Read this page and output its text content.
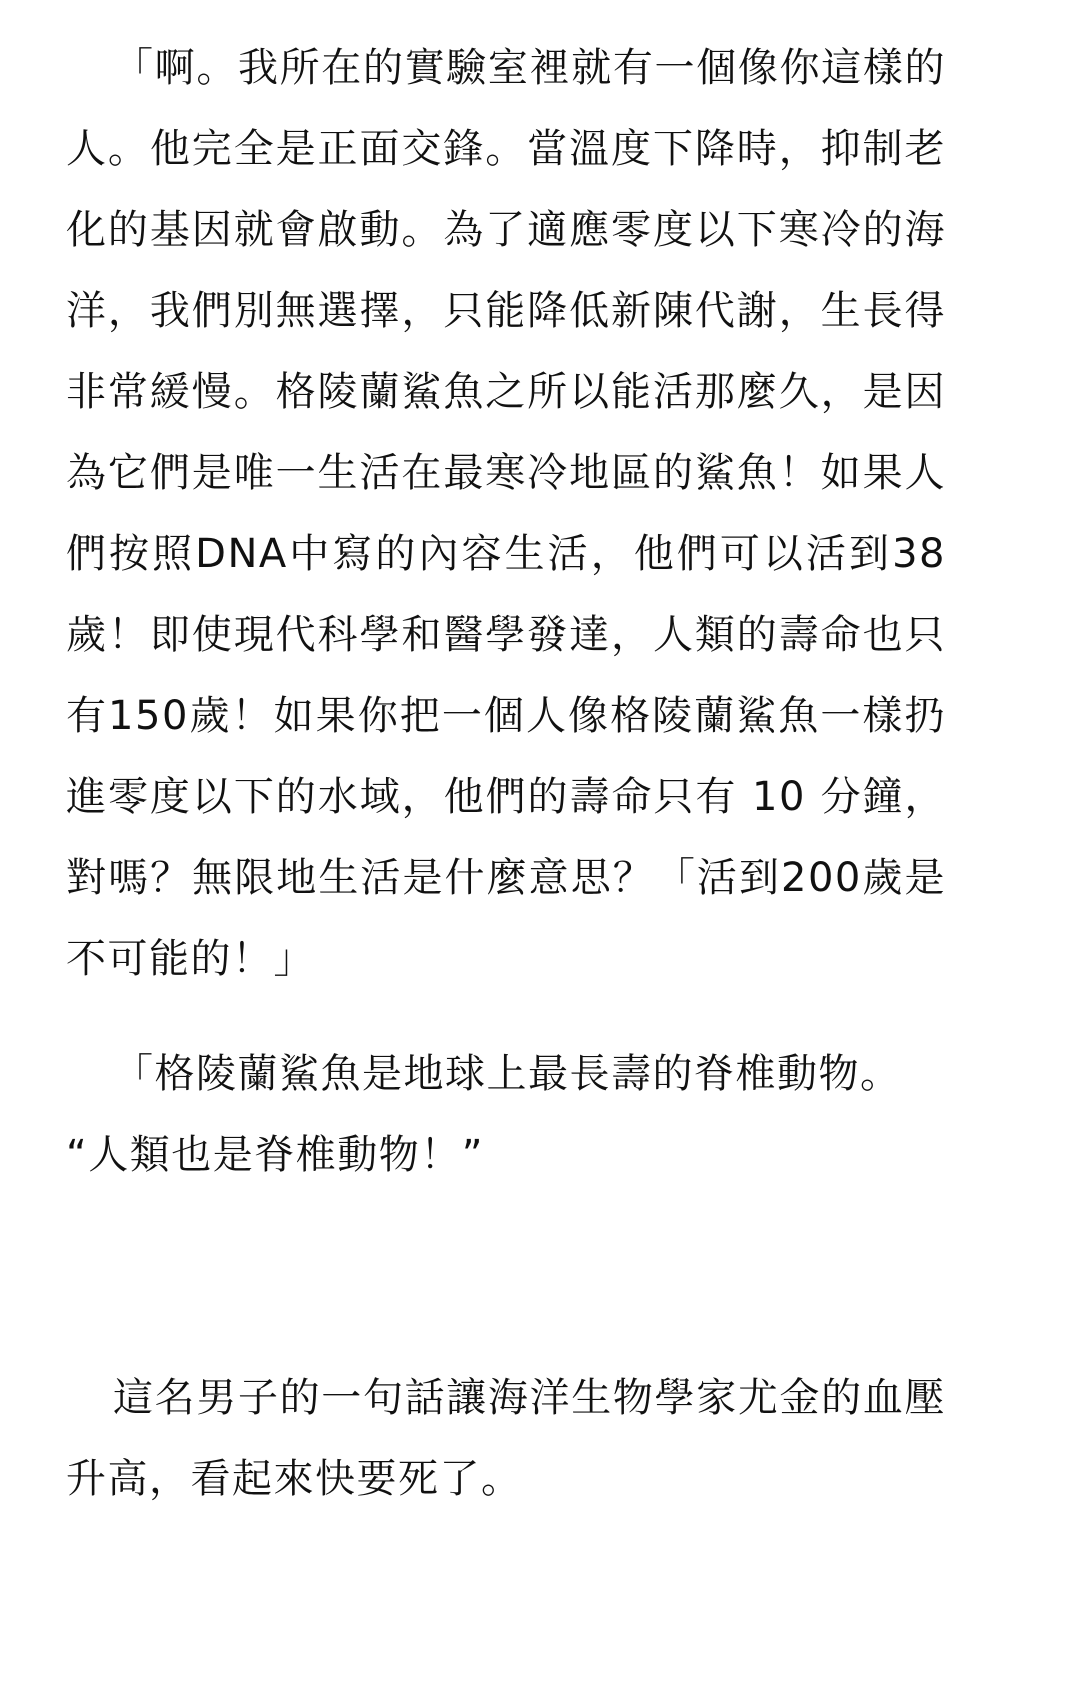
「啊。我所在的實驗室裡就有一個像你這樣的人。他完全是正面交鋒。當溫度下降時，抑制老化的基因就會啟動。為了適應零度以下寒冷的海洋，我們別無選擇，只能降低新陳代謝，生長得非常緩慢。格陵蘭鯊魚之所以能活那麼久，是因為它們是唯一生活在最寒冷地區的鯊魚！如果人們按照DNA中寫的內容生活，他們可以活到38歲！即使現代科學和醫學發達，人類的壽命也只有150歲！如果你把一個人像格陵蘭鯊魚一樣扔進零度以下的水域，他們的壽命只有 10 分鐘，對嗎？無限地生活是什麼意思？「活到200歲是不可能的！」

「格陵蘭鯊魚是地球上最長壽的脊椎動物。
“人類也是脊椎動物！”

這名男子的一句話讓海洋生物學家尤金的血壓升高，看起來快要死了。
